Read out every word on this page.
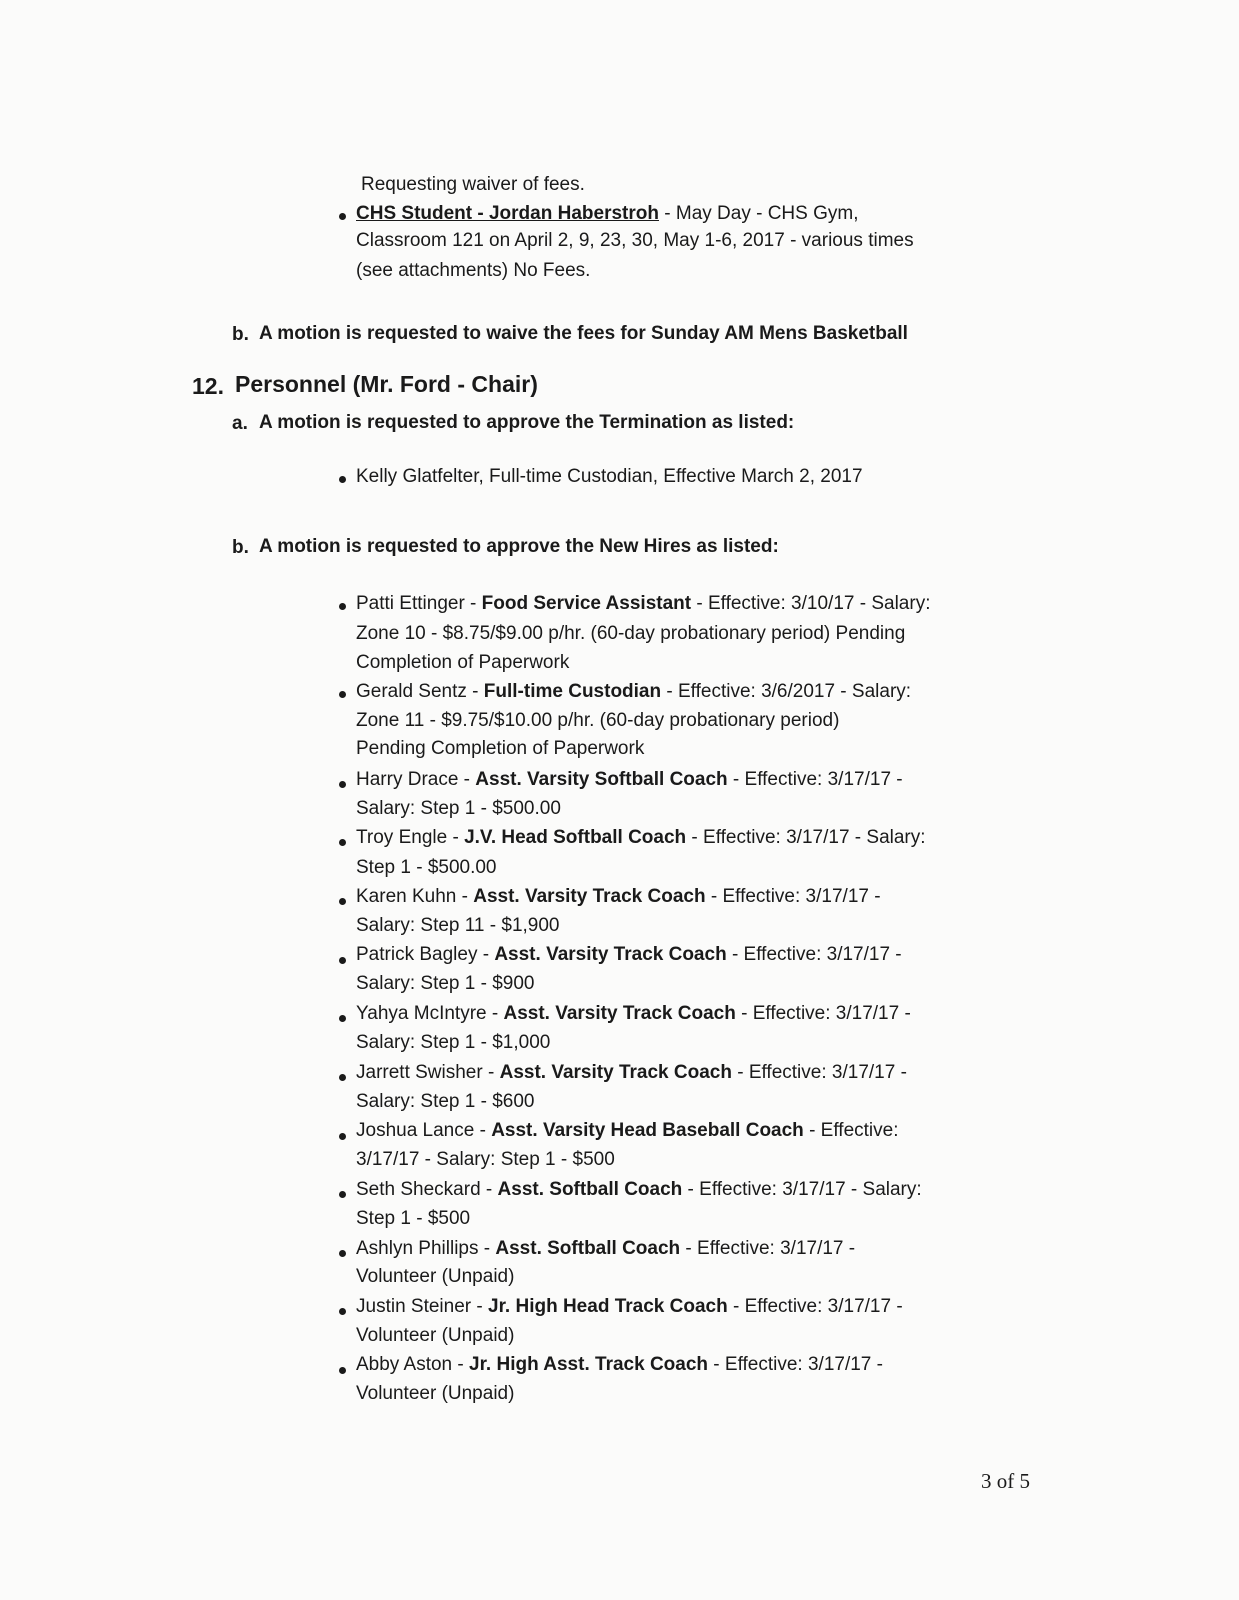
Requesting waiver of fees.
CHS Student - Jordan Haberstroh - May Day - CHS Gym,
Classroom 121 on April 2, 9, 23, 30, May 1-6, 2017 - various times
(see attachments) No Fees.
b. A motion is requested to waive the fees for Sunday AM Mens Basketball
12. Personnel (Mr. Ford - Chair)
a. A motion is requested to approve the Termination as listed:
Kelly Glatfelter, Full-time Custodian, Effective March 2, 2017
b. A motion is requested to approve the New Hires as listed:
Patti Ettinger - Food Service Assistant - Effective: 3/10/17 - Salary:
Zone 10 - $8.75/$9.00 p/hr. (60-day probationary period) Pending
Completion of Paperwork
Gerald Sentz - Full-time Custodian - Effective: 3/6/2017 - Salary:
Zone 11 - $9.75/$10.00 p/hr. (60-day probationary period)
Pending Completion of Paperwork
Harry Drace - Asst. Varsity Softball Coach - Effective: 3/17/17 -
Salary: Step 1 - $500.00
Troy Engle - J.V. Head Softball Coach - Effective: 3/17/17 - Salary:
Step 1 - $500.00
Karen Kuhn - Asst. Varsity Track Coach - Effective: 3/17/17 -
Salary: Step 11 - $1,900
Patrick Bagley - Asst. Varsity Track Coach - Effective: 3/17/17 -
Salary: Step 1 - $900
Yahya McIntyre - Asst. Varsity Track Coach - Effective: 3/17/17 -
Salary: Step 1 - $1,000
Jarrett Swisher - Asst. Varsity Track Coach - Effective: 3/17/17 -
Salary: Step 1 - $600
Joshua Lance - Asst. Varsity Head Baseball Coach - Effective:
3/17/17 - Salary: Step 1 - $500
Seth Sheckard - Asst. Softball Coach - Effective: 3/17/17 - Salary:
Step 1 - $500
Ashlyn Phillips - Asst. Softball Coach - Effective: 3/17/17 -
Volunteer (Unpaid)
Justin Steiner - Jr. High Head Track Coach - Effective: 3/17/17 -
Volunteer (Unpaid)
Abby Aston - Jr. High Asst. Track Coach - Effective: 3/17/17 -
Volunteer (Unpaid)
3 of 5
